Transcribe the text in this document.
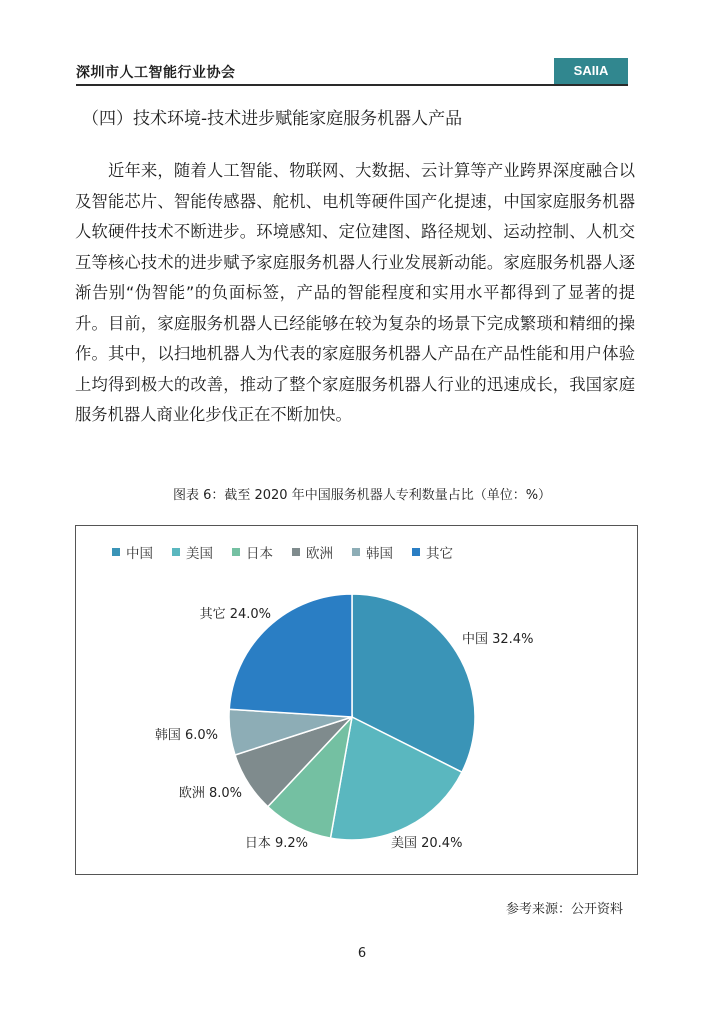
深圳市人工智能行业协会	SAIIA
（四）技术环境-技术进步赋能家庭服务机器人产品
近年来，随着人工智能、物联网、大数据、云计算等产业跨界深度融合以及智能芯片、智能传感器、舵机、电机等硬件国产化提速，中国家庭服务机器人软硬件技术不断进步。环境感知、定位建图、路径规划、运动控制、人机交互等核心技术的进步赋予家庭服务机器人行业发展新动能。家庭服务机器人逐渐告别“伪智能”的负面标签，产品的智能程度和实用水平都得到了显著的提升。目前，家庭服务机器人已经能够在较为复杂的场景下完成繁琐和精细的操作。其中，以扫地机器人为代表的家庭服务机器人产品在产品性能和用户体验上均得到极大的改善，推动了整个家庭服务机器人行业的迅速成长，我国家庭服务机器人商业化步伐正在不断加快。
图表 6：截至 2020 年中国服务机器人专利数量占比（单位：%）
中国 美国 日本 欧洲 韩国 其它
中国 32.4%
美国 20.4%
日本 9.2%
欧洲 8.0%
韩国 6.0%
其它 24.0%
参考来源：公开资料
6
